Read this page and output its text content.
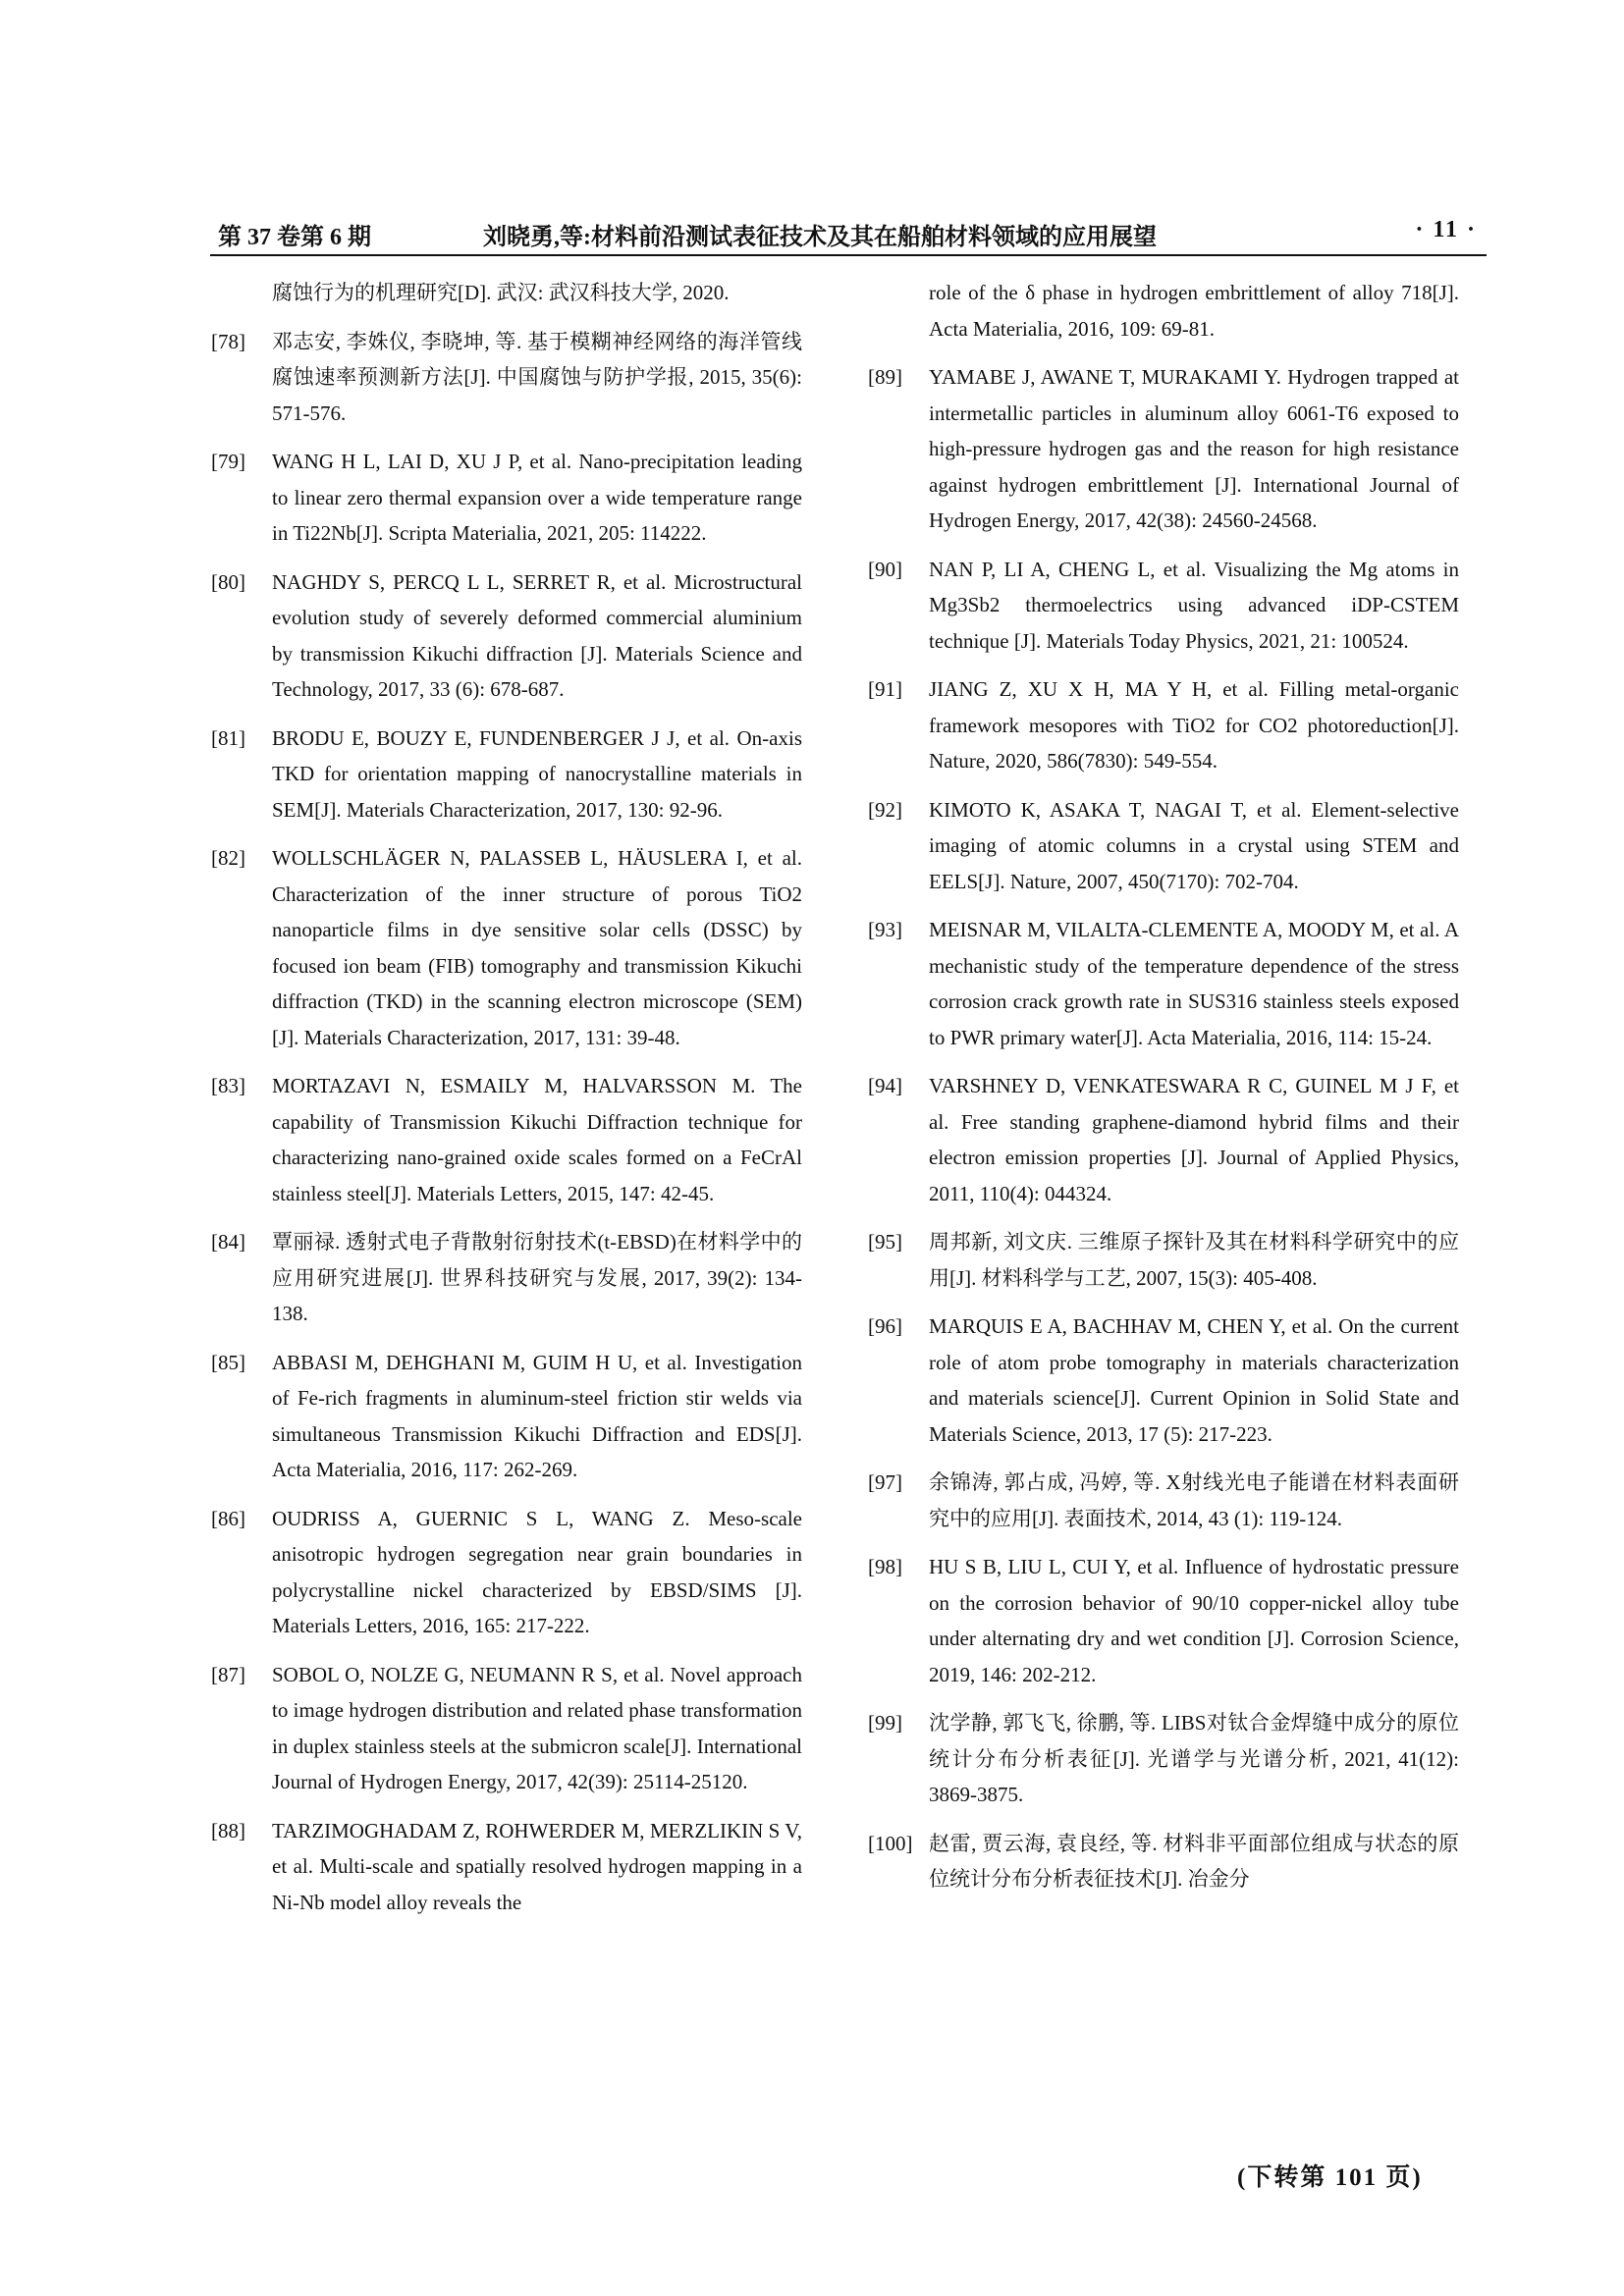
第 37 卷第 6 期	刘晓勇,等:材料前沿测试表征技术及其在船舶材料领域的应用展望	· 11 ·
腐蚀行为的机理研究[D]. 武汉: 武汉科技大学, 2020.
[78]	邓志安, 李姝仪, 李晓坤, 等. 基于模糊神经网络的海洋管线腐蚀速率预测新方法[J]. 中国腐蚀与防护学报, 2015, 35(6): 571-576.
[79]	WANG H L, LAI D, XU J P, et al. Nano-precipitation leading to linear zero thermal expansion over a wide temperature range in Ti22Nb[J]. Scripta Materialia, 2021, 205: 114222.
[80]	NAGHDY S, PERCQ L L, SERRET R, et al. Microstructural evolution study of severely deformed commercial aluminium by transmission Kikuchi diffraction [J]. Materials Science and Technology, 2017, 33 (6): 678-687.
[81]	BRODU E, BOUZY E, FUNDENBERGER J J, et al. On-axis TKD for orientation mapping of nanocrystalline materials in SEM[J]. Materials Characterization, 2017, 130: 92-96.
[82]	WOLLSCHLÄGER N, PALASSEB L, HÄUSLERA I, et al. Characterization of the inner structure of porous TiO2 nanoparticle films in dye sensitive solar cells (DSSC) by focused ion beam (FIB) tomography and transmission Kikuchi diffraction (TKD) in the scanning electron microscope (SEM) [J]. Materials Characterization, 2017, 131: 39-48.
[83]	MORTAZAVI N, ESMAILY M, HALVARSSON M. The capability of Transmission Kikuchi Diffraction technique for characterizing nano-grained oxide scales formed on a FeCrAl stainless steel[J]. Materials Letters, 2015, 147: 42-45.
[84]	覃丽禄. 透射式电子背散射衍射技术(t-EBSD)在材料学中的应用研究进展[J]. 世界科技研究与发展, 2017, 39(2): 134-138.
[85]	ABBASI M, DEHGHANI M, GUIM H U, et al. Investigation of Fe-rich fragments in aluminum-steel friction stir welds via simultaneous Transmission Kikuchi Diffraction and EDS[J]. Acta Materialia, 2016, 117: 262-269.
[86]	OUDRISS A, GUERNIC S L, WANG Z. Meso-scale anisotropic hydrogen segregation near grain boundaries in polycrystalline nickel characterized by EBSD/SIMS [J]. Materials Letters, 2016, 165: 217-222.
[87]	SOBOL O, NOLZE G, NEUMANN R S, et al. Novel approach to image hydrogen distribution and related phase transformation in duplex stainless steels at the submicron scale[J]. International Journal of Hydrogen Energy, 2017, 42(39): 25114-25120.
[88]	TARZIMOGHADAM Z, ROHWERDER M, MERZLIKIN S V, et al. Multi-scale and spatially resolved hydrogen mapping in a Ni-Nb model alloy reveals the
role of the δ phase in hydrogen embrittlement of alloy 718[J]. Acta Materialia, 2016, 109: 69-81.
[89]	YAMABE J, AWANE T, MURAKAMI Y. Hydrogen trapped at intermetallic particles in aluminum alloy 6061-T6 exposed to high-pressure hydrogen gas and the reason for high resistance against hydrogen embrittlement [J]. International Journal of Hydrogen Energy, 2017, 42(38): 24560-24568.
[90]	NAN P, LI A, CHENG L, et al. Visualizing the Mg atoms in Mg3Sb2 thermoelectrics using advanced iDP-CSTEM technique [J]. Materials Today Physics, 2021, 21: 100524.
[91]	JIANG Z, XU X H, MA Y H, et al. Filling metal-organic framework mesopores with TiO2 for CO2 photoreduction[J]. Nature, 2020, 586(7830): 549-554.
[92]	KIMOTO K, ASAKA T, NAGAI T, et al. Element-selective imaging of atomic columns in a crystal using STEM and EELS[J]. Nature, 2007, 450(7170): 702-704.
[93]	MEISNAR M, VILALTA-CLEMENTE A, MOODY M, et al. A mechanistic study of the temperature dependence of the stress corrosion crack growth rate in SUS316 stainless steels exposed to PWR primary water[J]. Acta Materialia, 2016, 114: 15-24.
[94]	VARSHNEY D, VENKATESWARA R C, GUINEL M J F, et al. Free standing graphene-diamond hybrid films and their electron emission properties [J]. Journal of Applied Physics, 2011, 110(4): 044324.
[95]	周邦新, 刘文庆. 三维原子探针及其在材料科学研究中的应用[J]. 材料科学与工艺, 2007, 15(3): 405-408.
[96]	MARQUIS E A, BACHHAV M, CHEN Y, et al. On the current role of atom probe tomography in materials characterization and materials science[J]. Current Opinion in Solid State and Materials Science, 2013, 17 (5): 217-223.
[97]	余锦涛, 郭占成, 冯婷, 等. X射线光电子能谱在材料表面研究中的应用[J]. 表面技术, 2014, 43 (1): 119-124.
[98]	HU S B, LIU L, CUI Y, et al. Influence of hydrostatic pressure on the corrosion behavior of 90/10 copper-nickel alloy tube under alternating dry and wet condition [J]. Corrosion Science, 2019, 146: 202-212.
[99]	沈学静, 郭飞飞, 徐鹏, 等. LIBS对钛合金焊缝中成分的原位统计分布分析表征[J]. 光谱学与光谱分析, 2021, 41(12): 3869-3875.
[100] 赵雷, 贾云海, 袁良经, 等. 材料非平面部位组成与状态的原位统计分布分析表征技术[J]. 冶金分
(下转第 101 页)
